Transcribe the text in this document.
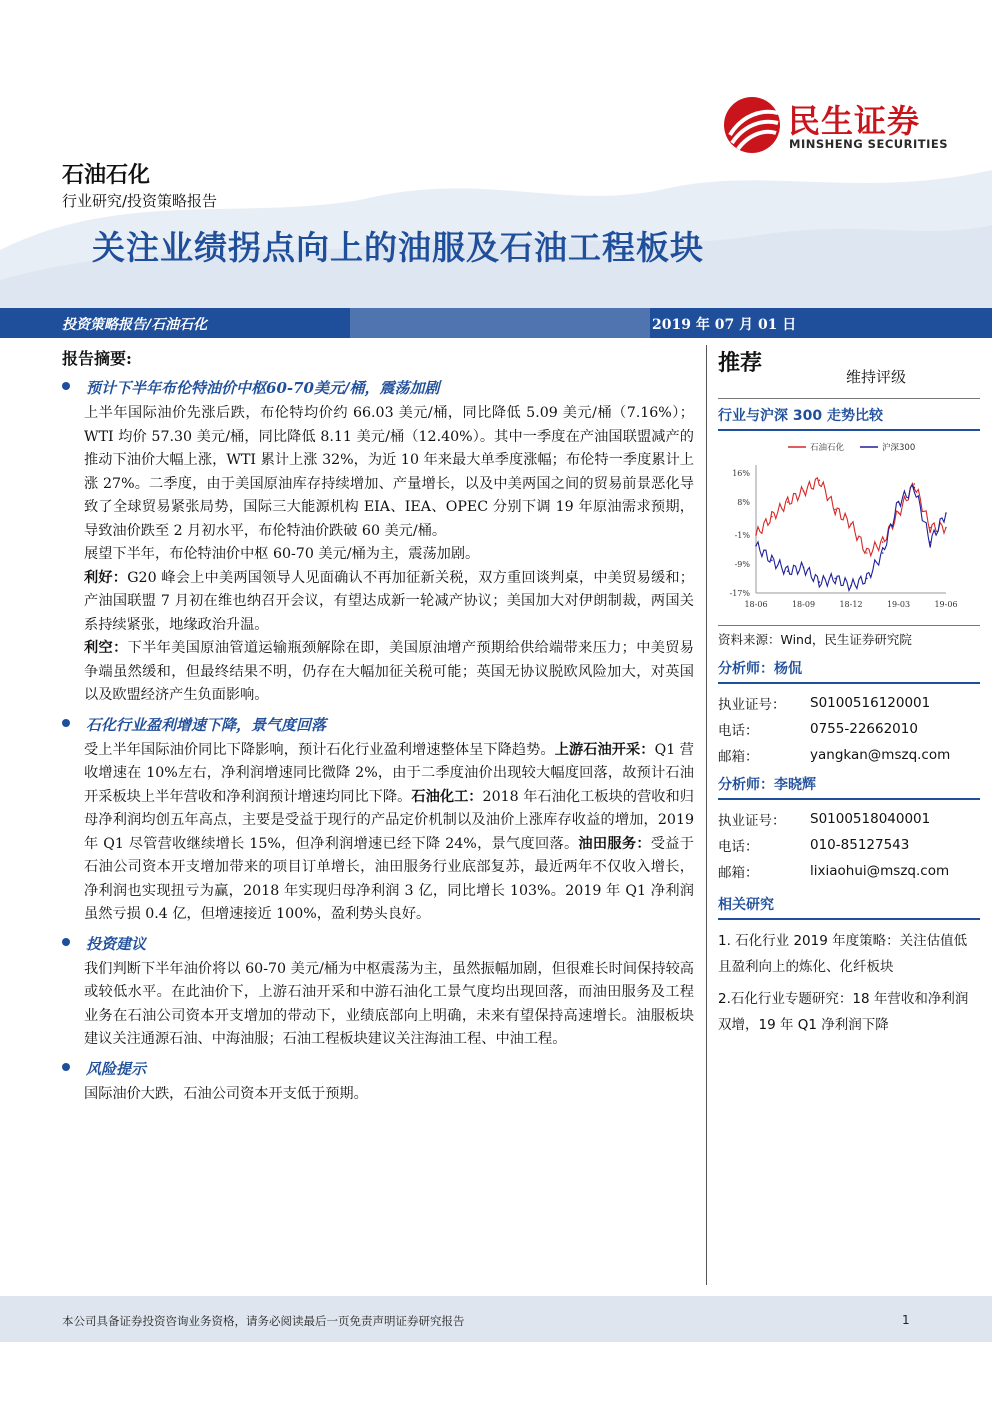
民生证券
MINSHENG SECURITIES
石油石化
行业研究/投资策略报告
关注业绩拐点向上的油服及石油工程板块
投资策略报告/石油石化	2019 年 07 月 01 日
报告摘要:
预计下半年布伦特油价中枢60-70美元/桶，震荡加剧
上半年国际油价先涨后跌，布伦特均价约 66.03 美元/桶，同比降低 5.09 美元/桶（7.16%）；WTI 均价 57.30 美元/桶，同比降低 8.11 美元/桶（12.40%）。其中一季度在产油国联盟减产的推动下油价大幅上涨，WTI 累计上涨 32%，为近 10 年来最大单季度涨幅；布伦特一季度累计上涨 27%。二季度，由于美国原油库存持续增加、产量增长，以及中美两国之间的贸易前景恶化导致了全球贸易紧张局势，国际三大能源机构 EIA、IEA、OPEC 分别下调 19 年原油需求预期，导致油价跌至 2 月初水平，布伦特油价跌破 60 美元/桶。
展望下半年，布伦特油价中枢 60-70 美元/桶为主，震荡加剧。
利好：G20 峰会上中美两国领导人见面确认不再加征新关税，双方重回谈判桌，中美贸易缓和；产油国联盟 7 月初在维也纳召开会议，有望达成新一轮减产协议；美国加大对伊朗制裁，两国关系持续紧张，地缘政治升温。
利空：下半年美国原油管道运输瓶颈解除在即，美国原油增产预期给供给端带来压力；中美贸易争端虽然缓和，但最终结果不明，仍存在大幅加征关税可能；英国无协议脱欧风险加大，对英国以及欧盟经济产生负面影响。
石化行业盈利增速下降，景气度回落
受上半年国际油价同比下降影响，预计石化行业盈利增速整体呈下降趋势。上游石油开采：Q1 营收增速在 10%左右，净利润增速同比微降 2%，由于二季度油价出现较大幅度回落，故预计石油开采板块上半年营收和净利润预计增速均同比下降。石油化工：2018 年石油化工板块的营收和归母净利润均创五年高点，主要是受益于现行的产品定价机制以及油价上涨库存收益的增加，2019 年 Q1 尽管营收继续增长 15%，但净利润增速已经下降 24%，景气度回落。油田服务：受益于石油公司资本开支增加带来的项目订单增长，油田服务行业底部复苏，最近两年不仅收入增长，净利润也实现扭亏为赢，2018 年实现归母净利润 3 亿，同比增长 103%。2019 年 Q1 净利润虽然亏损 0.4 亿，但增速接近 100%，盈利势头良好。
投资建议
我们判断下半年油价将以 60-70 美元/桶为中枢震荡为主，虽然振幅加剧，但很难长时间保持较高或较低水平。在此油价下，上游石油开采和中游石油化工景气度均出现回落，而油田服务及工程业务在石油公司资本开支增加的带动下，业绩底部向上明确，未来有望保持高速增长。油服板块建议关注通源石油、中海油服；石油工程板块建议关注海油工程、中油工程。
风险提示
国际油价大跌，石油公司资本开支低于预期。
推荐
维持评级
行业与沪深 300 走势比较
16%
8%
-1%
-9%
-17%
18-06	18-09	18-12	19-03	19-06
石油石化	沪深300
资料来源：Wind，民生证券研究院
分析师：杨侃
执业证号：	S0100516120001
电话：	0755-22662010
邮箱：	yangkan@mszq.com
分析师：李晓辉
执业证号：	S0100518040001
电话：	010-85127543
邮箱：	lixiaohui@mszq.com
相关研究
1. 石化行业 2019 年度策略：关注估值低且盈利向上的炼化、化纤板块
2.石化行业专题研究：18 年营收和净利润双增，19 年 Q1 净利润下降
本公司具备证券投资咨询业务资格，请务必阅读最后一页免责声明证券研究报告	1
